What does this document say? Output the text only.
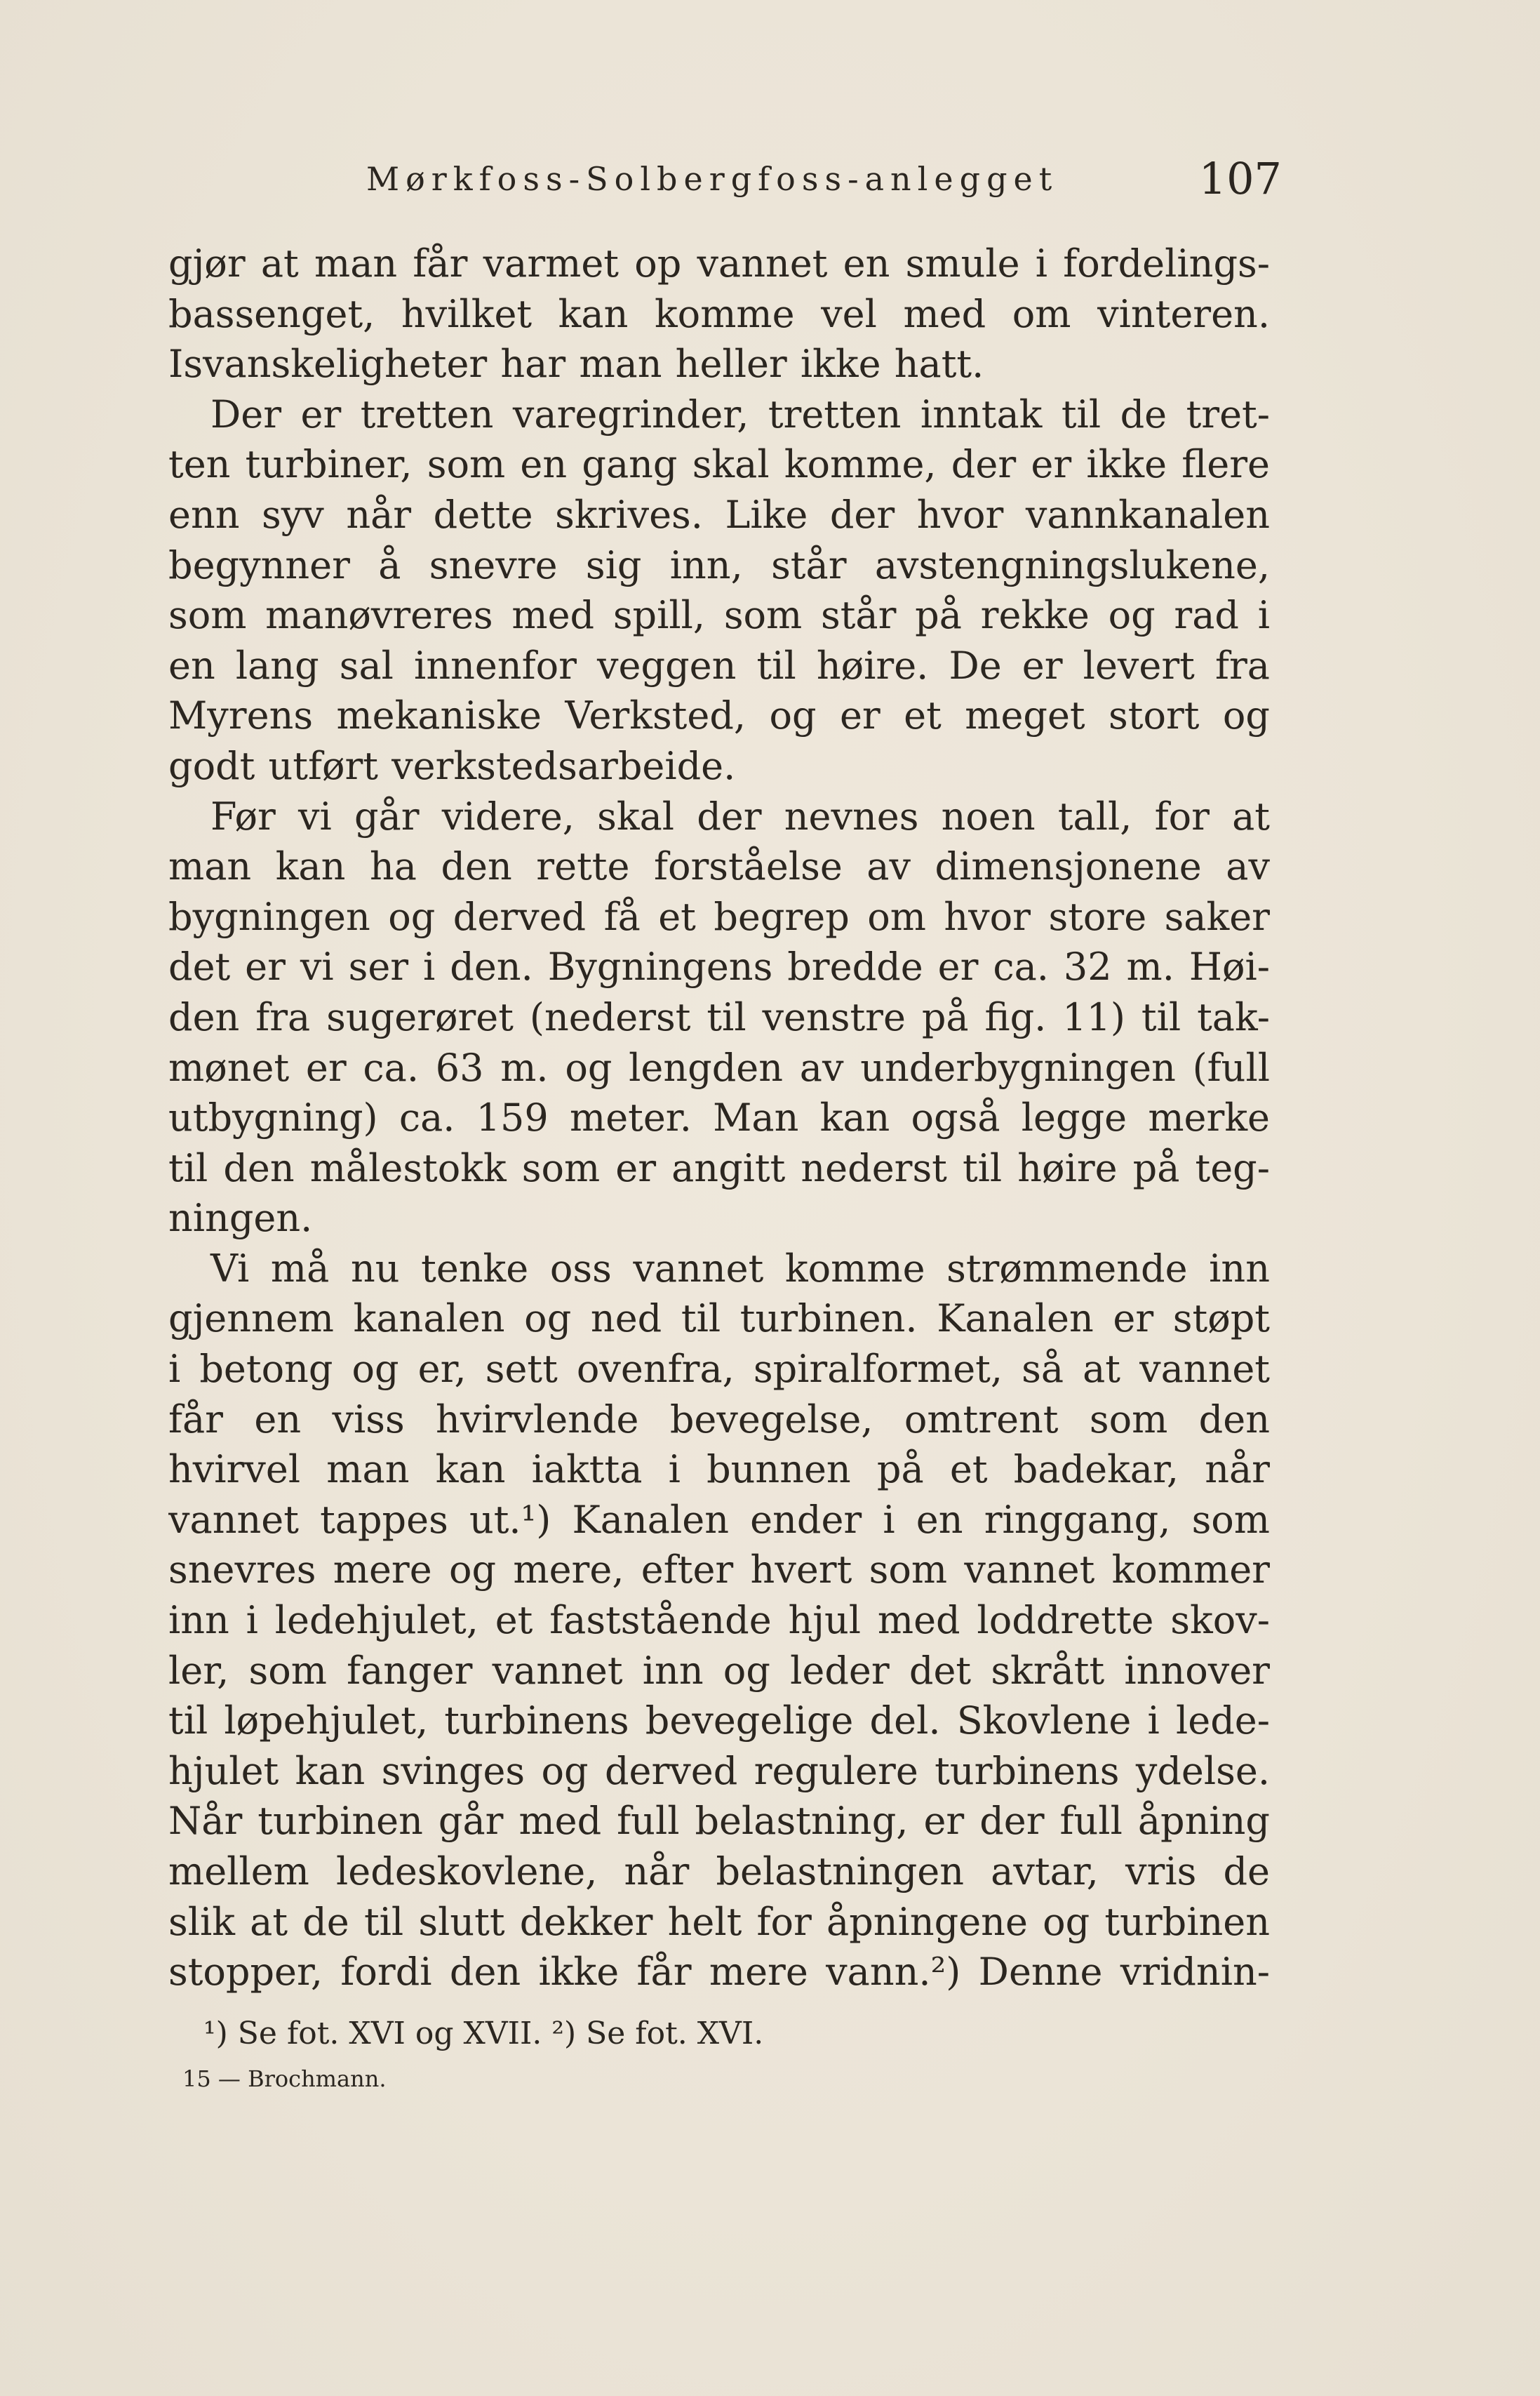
Mørkfoss-Solbergfoss-anlegget	107
gjør at man får varmet op vannet en smule i fordelings-
bassenget, hvilket kan komme vel med om vinteren.
Isvanskeligheter har man heller ikke hatt.
Der er tretten varegrinder, tretten inntak til de tret-
ten turbiner, som en gang skal komme, der er ikke flere
enn syv når dette skrives. Like der hvor vannkanalen
begynner å snevre sig inn, står avstengningslukene,
som manøvreres med spill, som står på rekke og rad i
en lang sal innenfor veggen til høire. De er levert fra
Myrens mekaniske Verksted, og er et meget stort og
godt utført verkstedsarbeide.
Før vi går videre, skal der nevnes noen tall, for at
man kan ha den rette forståelse av dimensjonene av
bygningen og derved få et begrep om hvor store saker
det er vi ser i den. Bygningens bredde er ca. 32 m. Høi-
den fra sugerøret (nederst til venstre på fig. 11) til tak-
mønet er ca. 63 m. og lengden av underbygningen (full
utbygning) ca. 159 meter. Man kan også legge merke
til den målestokk som er angitt nederst til høire på teg-
ningen.
Vi må nu tenke oss vannet komme strømmende inn
gjennem kanalen og ned til turbinen. Kanalen er støpt
i betong og er, sett ovenfra, spiralformet, så at vannet
får en viss hvirvlende bevegelse, omtrent som den
hvirvel man kan iaktta i bunnen på et badekar, når
vannet tappes ut.¹) Kanalen ender i en ringgang, som
snevres mere og mere, efter hvert som vannet kommer
inn i ledehjulet, et faststående hjul med loddrette skov-
ler, som fanger vannet inn og leder det skrått innover
til løpehjulet, turbinens bevegelige del. Skovlene i lede-
hjulet kan svinges og derved regulere turbinens ydelse.
Når turbinen går med full belastning, er der full åpning
mellem ledeskovlene, når belastningen avtar, vris de
slik at de til slutt dekker helt for åpningene og turbinen
stopper, fordi den ikke får mere vann.²) Denne vridnin-
¹) Se fot. XVI og XVII. ²) Se fot. XVI.
15 — Brochmann.
